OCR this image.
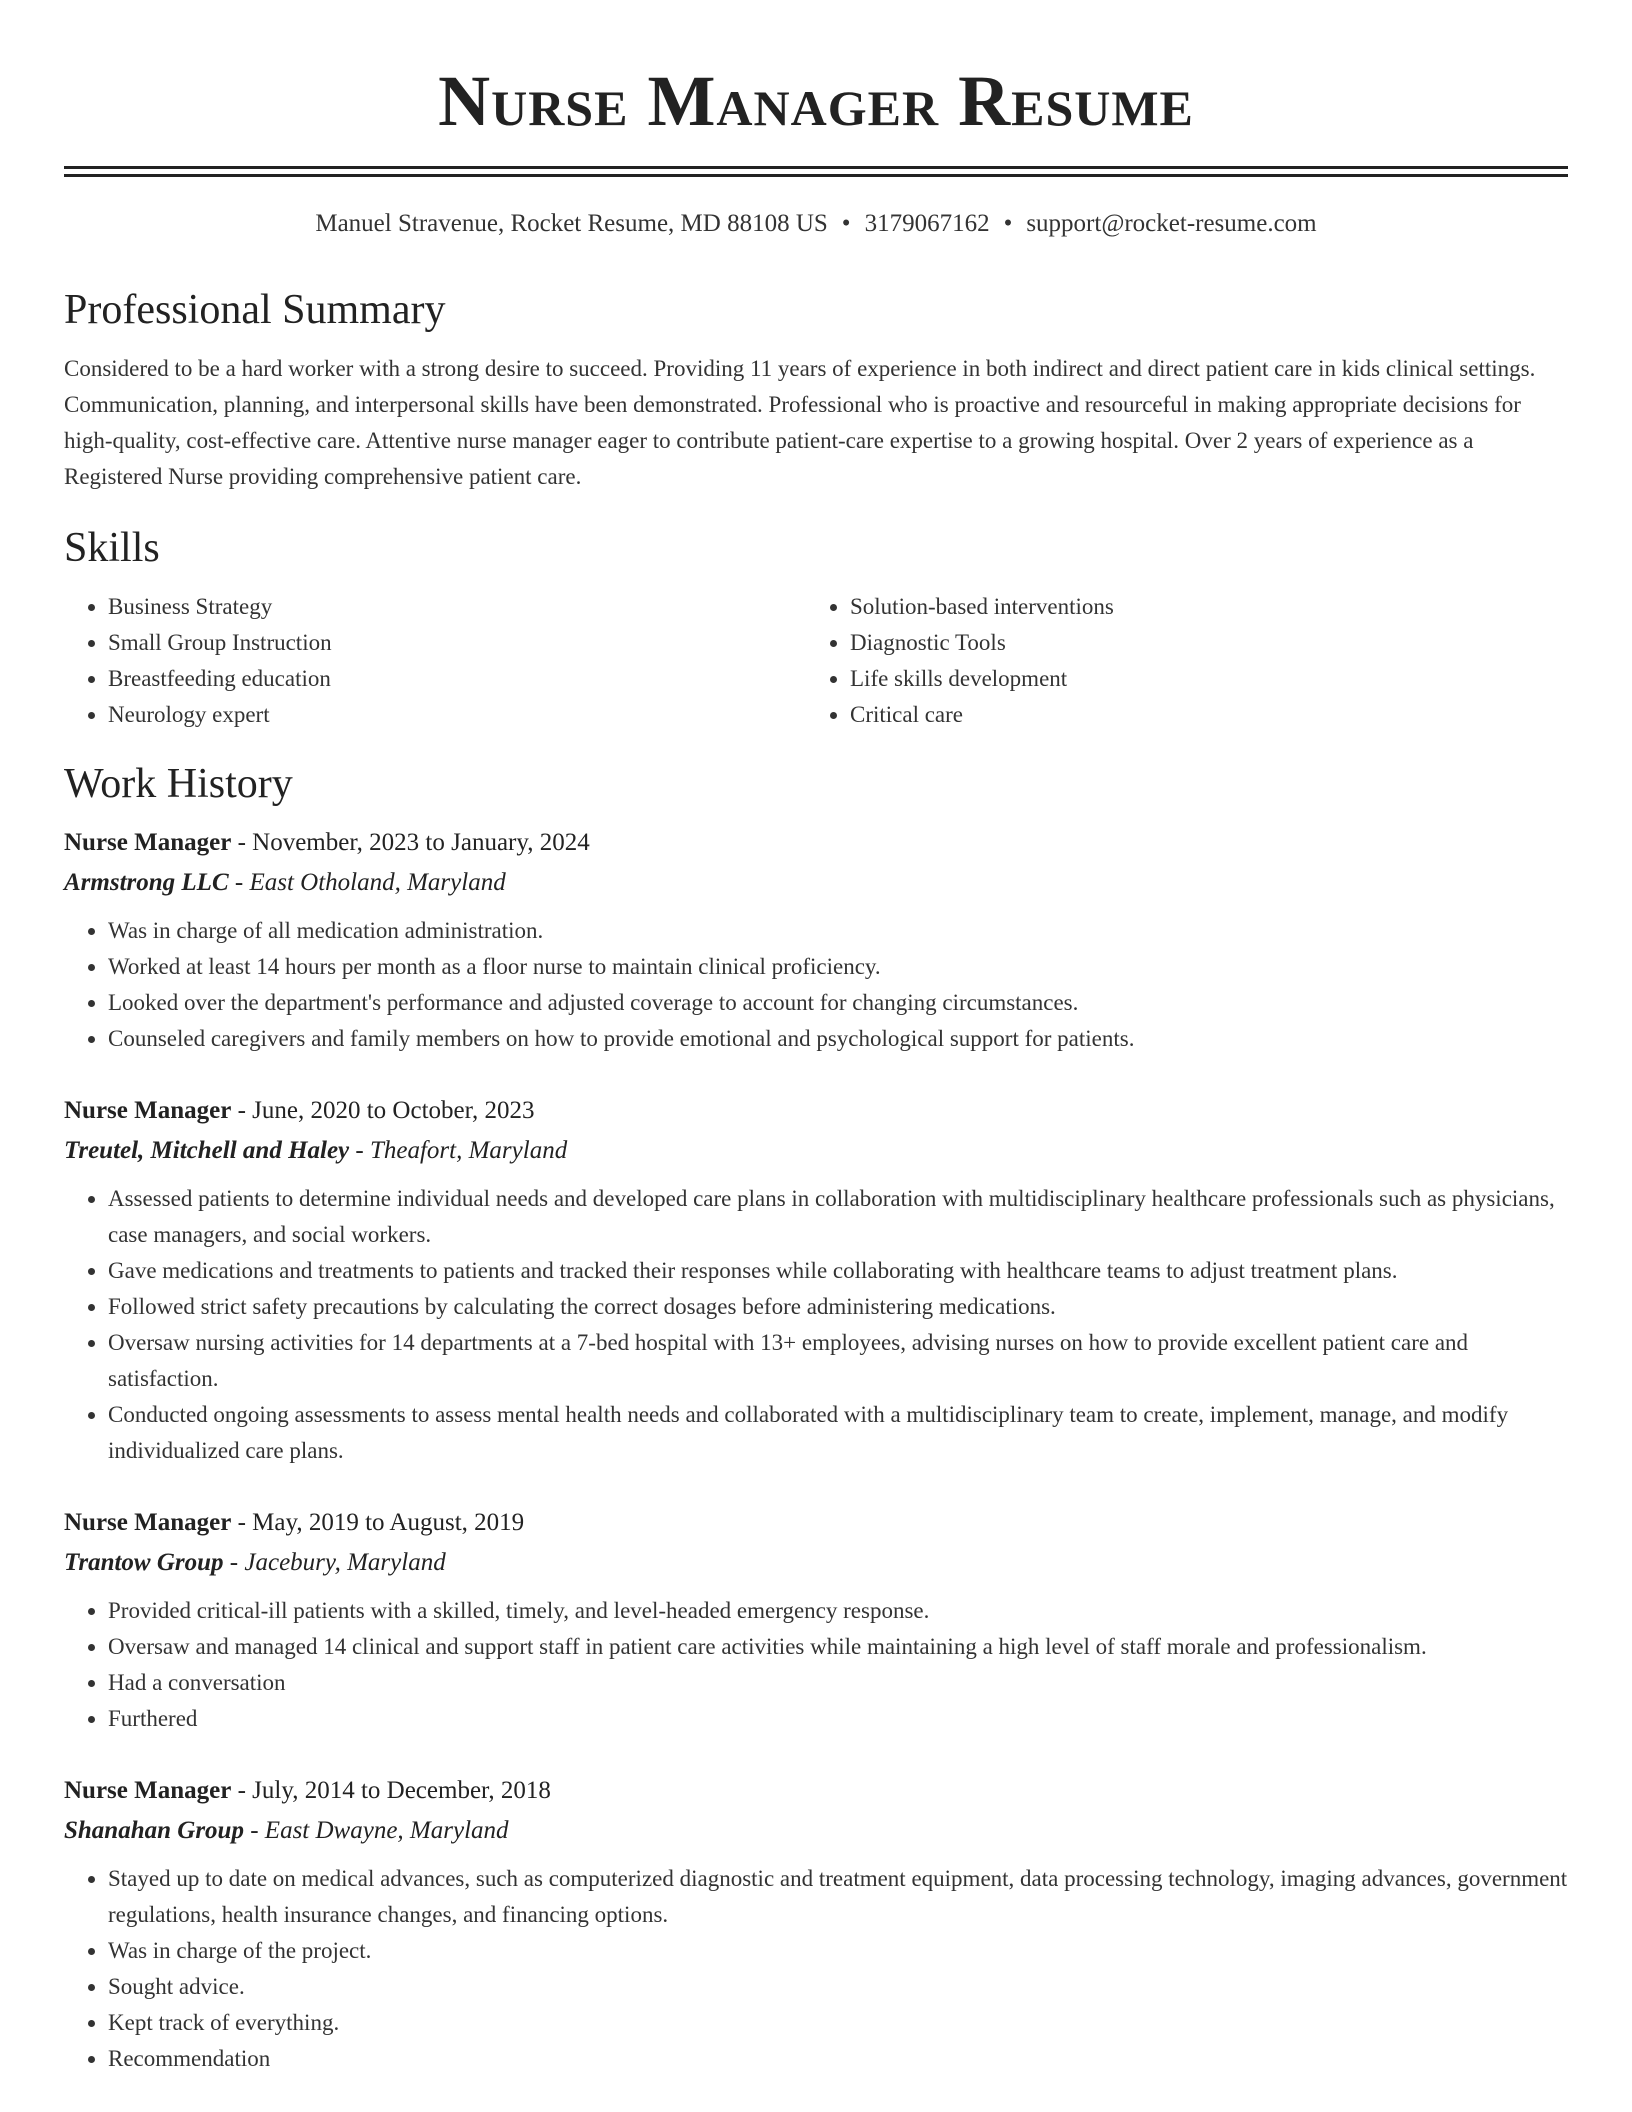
Nurse Manager Resume
Manuel Stravenue, Rocket Resume, MD 88108 US • 3179067162 • support@rocket-resume.com
Professional Summary

Considered to be a hard worker with a strong desire to succeed. Providing 11 years of experience in both indirect and direct patient care in kids clinical settings. Communication, planning, and interpersonal skills have been demonstrated. Professional who is proactive and resourceful in making appropriate decisions for high-quality, cost-effective care. Attentive nurse manager eager to contribute patient-care expertise to a growing hospital. Over 2 years of experience as a Registered Nurse providing comprehensive patient care.

Skills
• Business Strategy
• Small Group Instruction
• Breastfeeding education
• Neurology expert
• Solution-based interventions
• Diagnostic Tools
• Life skills development
• Critical care
Work History
Nurse Manager - November, 2023 to January, 2024
Armstrong LLC - East Otholand, Maryland
• Was in charge of all medication administration.
• Worked at least 14 hours per month as a floor nurse to maintain clinical proficiency.
• Looked over the department's performance and adjusted coverage to account for changing circumstances.
• Counseled caregivers and family members on how to provide emotional and psychological support for patients.
Nurse Manager - June, 2020 to October, 2023
Treutel, Mitchell and Haley - Theafort, Maryland
• Assessed patients to determine individual needs and developed care plans in collaboration with multidisciplinary healthcare professionals such as physicians, case managers, and social workers.
• Gave medications and treatments to patients and tracked their responses while collaborating with healthcare teams to adjust treatment plans.
• Followed strict safety precautions by calculating the correct dosages before administering medications.
• Oversaw nursing activities for 14 departments at a 7-bed hospital with 13+ employees, advising nurses on how to provide excellent patient care and satisfaction.
• Conducted ongoing assessments to assess mental health needs and collaborated with a multidisciplinary team to create, implement, manage, and modify individualized care plans.
Nurse Manager - May, 2019 to August, 2019
Trantow Group - Jacebury, Maryland
• Provided critical-ill patients with a skilled, timely, and level-headed emergency response.
• Oversaw and managed 14 clinical and support staff in patient care activities while maintaining a high level of staff morale and professionalism.
• Had a conversation
• Furthered
Nurse Manager - July, 2014 to December, 2018
Shanahan Group - East Dwayne, Maryland
• Stayed up to date on medical advances, such as computerized diagnostic and treatment equipment, data processing technology, imaging advances, government regulations, health insurance changes, and financing options.
• Was in charge of the project.
• Sought advice.
• Kept track of everything.
• Recommendation
